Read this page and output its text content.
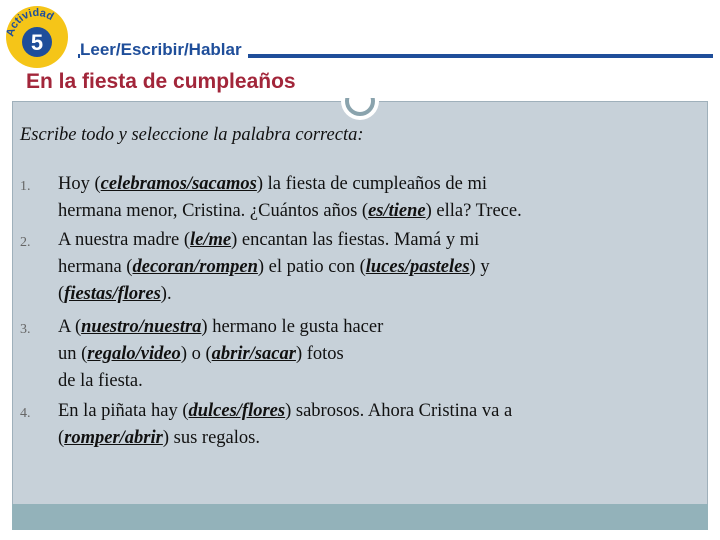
Actividad
5 Leer/Escribir/Hablar
En la fiesta de cumpleaños
Escribe todo y seleccione la palabra correcta:
1. Hoy (celebramos/sacamos) la fiesta de cumpleaños de mi
hermana menor, Cristina. ¿Cuántos años (es/tiene) ella? Trece.
2. A nuestra madre (le/me) encantan las fiestas. Mamá y mi
hermana (decoran/rompen) el patio con (luces/pasteles) y
(fiestas/flores).
3. A (nuestro/nuestra) hermano le gusta hacer
un (regalo/video) o (abrir/sacar) fotos
de la fiesta.
4. En la piñata hay (dulces/flores) sabrosos. Ahora Cristina va a
(romper/abrir) sus regalos.
